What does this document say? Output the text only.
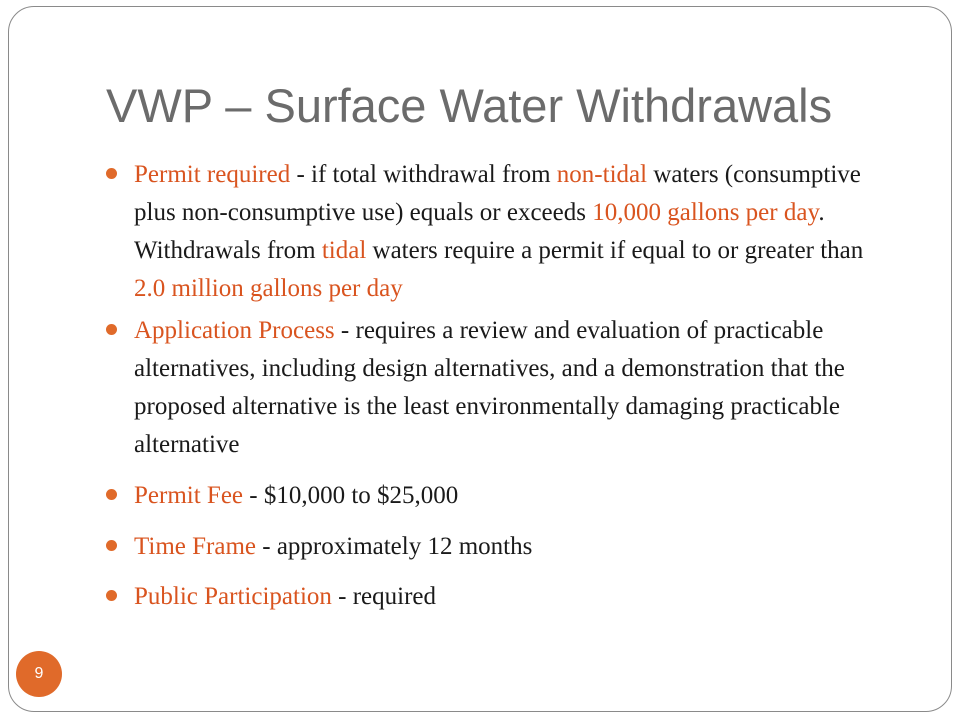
VWP – Surface Water Withdrawals
Permit required - if total withdrawal from non-tidal waters (consumptive plus non-consumptive use) equals or exceeds 10,000 gallons per day. Withdrawals from tidal waters require a permit if equal to or greater than 2.0 million gallons per day
Application Process - requires a review and evaluation of practicable alternatives, including design alternatives, and a demonstration that the proposed alternative is the least environmentally damaging practicable alternative
Permit Fee - $10,000 to $25,000
Time Frame - approximately 12 months
Public Participation - required
9
